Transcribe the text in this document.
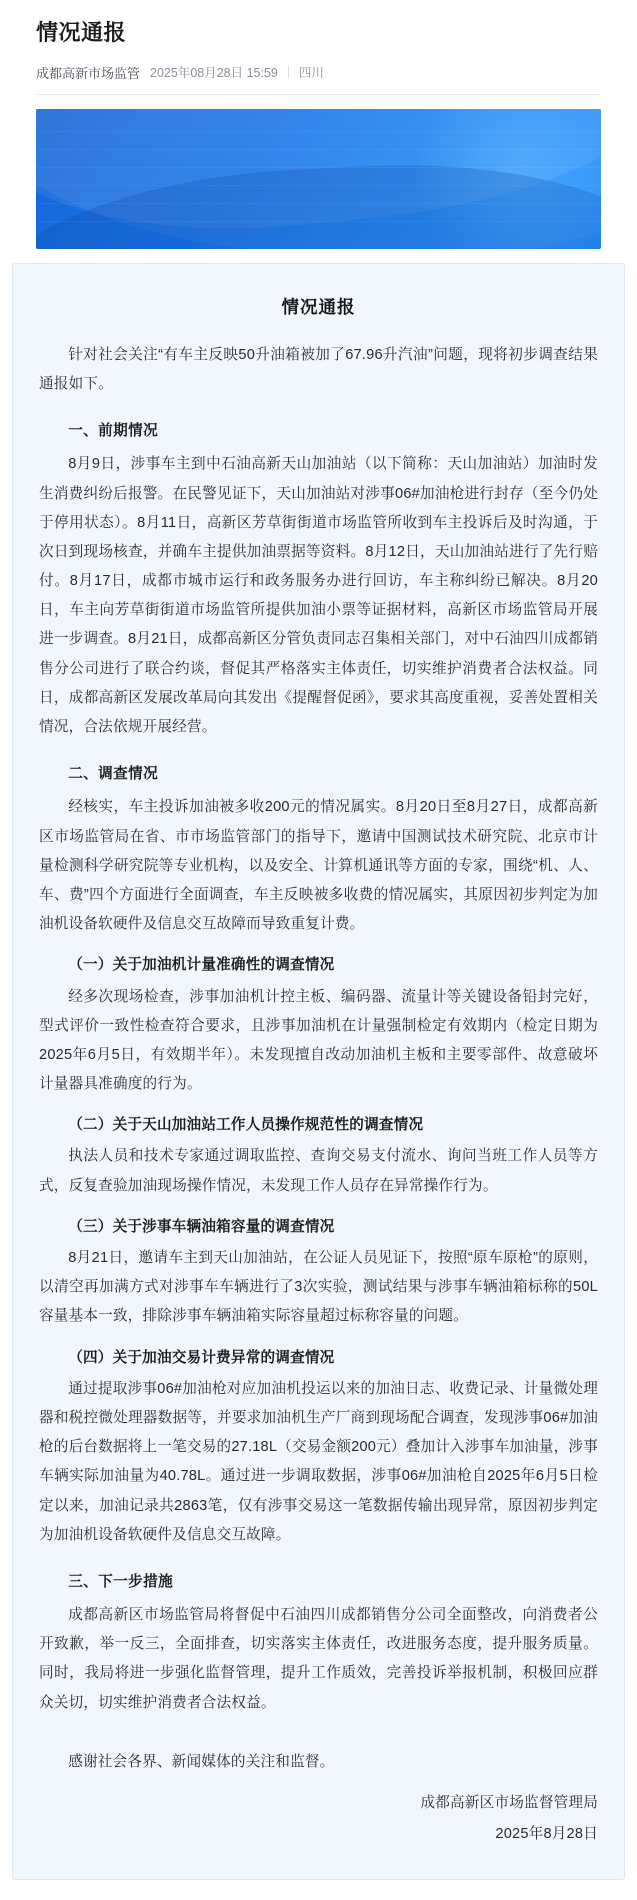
情况通报
成都高新市场监管 2025年08月28日 15:59 四川
情况通报

针对社会关注“有车主反映50升油箱被加了67.96升汽油”问题，现将初步调查结果通报如下。

一、前期情况

8月9日，涉事车主到中石油高新天山加油站（以下简称：天山加油站）加油时发生消费纠纷后报警。在民警见证下，天山加油站对涉事06#加油枪进行封存（至今仍处于停用状态）。8月11日，高新区芳草街街道市场监管所收到车主投诉后及时沟通，于次日到现场核查，并确车主提供加油票据等资料。8月12日，天山加油站进行了先行赔付。8月17日，成都市城市运行和政务服务办进行回访，车主称纠纷已解决。8月20日，车主向芳草街街道市场监管所提供加油小票等证据材料，高新区市场监管局开展进一步调查。8月21日，成都高新区分管负责同志召集相关部门，对中石油四川成都销售分公司进行了联合约谈，督促其严格落实主体责任，切实维护消费者合法权益。同日，成都高新区发展改革局向其发出《提醒督促函》，要求其高度重视，妥善处置相关情况，合法依规开展经营。

二、调查情况

经核实，车主投诉加油被多收200元的情况属实。8月20日至8月27日，成都高新区市场监管局在省、市市场监管部门的指导下，邀请中国测试技术研究院、北京市计量检测科学研究院等专业机构，以及安全、计算机通讯等方面的专家，围绕“机、人、车、费”四个方面进行全面调查，车主反映被多收费的情况属实，其原因初步判定为加油机设备软硬件及信息交互故障而导致重复计费。

（一）关于加油机计量准确性的调查情况

经多次现场检查，涉事加油机计控主板、编码器、流量计等关键设备铅封完好，型式评价一致性检查符合要求，且涉事加油机在计量强制检定有效期内（检定日期为2025年6月5日，有效期半年）。未发现擅自改动加油机主板和主要零部件、故意破坏计量器具准确度的行为。

（二）关于天山加油站工作人员操作规范性的调查情况

执法人员和技术专家通过调取监控、查询交易支付流水、询问当班工作人员等方式，反复查验加油现场操作情况，未发现工作人员存在异常操作行为。

（三）关于涉事车辆油箱容量的调查情况

8月21日，邀请车主到天山加油站，在公证人员见证下，按照“原车原枪”的原则，以清空再加满方式对涉事车车辆进行了3次实验，测试结果与涉事车辆油箱标称的50L容量基本一致，排除涉事车辆油箱实际容量超过标称容量的问题。

（四）关于加油交易计费异常的调查情况

通过提取涉事06#加油枪对应加油机投运以来的加油日志、收费记录、计量微处理器和税控微处理器数据等，并要求加油机生产厂商到现场配合调查，发现涉事06#加油枪的后台数据将上一笔交易的27.18L（交易金额200元）叠加计入涉事车加油量，涉事车辆实际加油量为40.78L。通过进一步调取数据，涉事06#加油枪自2025年6月5日检定以来，加油记录共2863笔，仅有涉事交易这一笔数据传输出现异常，原因初步判定为加油机设备软硬件及信息交互故障。

三、下一步措施

成都高新区市场监管局将督促中石油四川成都销售分公司全面整改，向消费者公开致歉，举一反三，全面排查，切实落实主体责任，改进服务态度，提升服务质量。同时，我局将进一步强化监督管理，提升工作质效，完善投诉举报机制，积极回应群众关切，切实维护消费者合法权益。

感谢社会各界、新闻媒体的关注和监督。

成都高新区市场监督管理局

2025年8月28日
